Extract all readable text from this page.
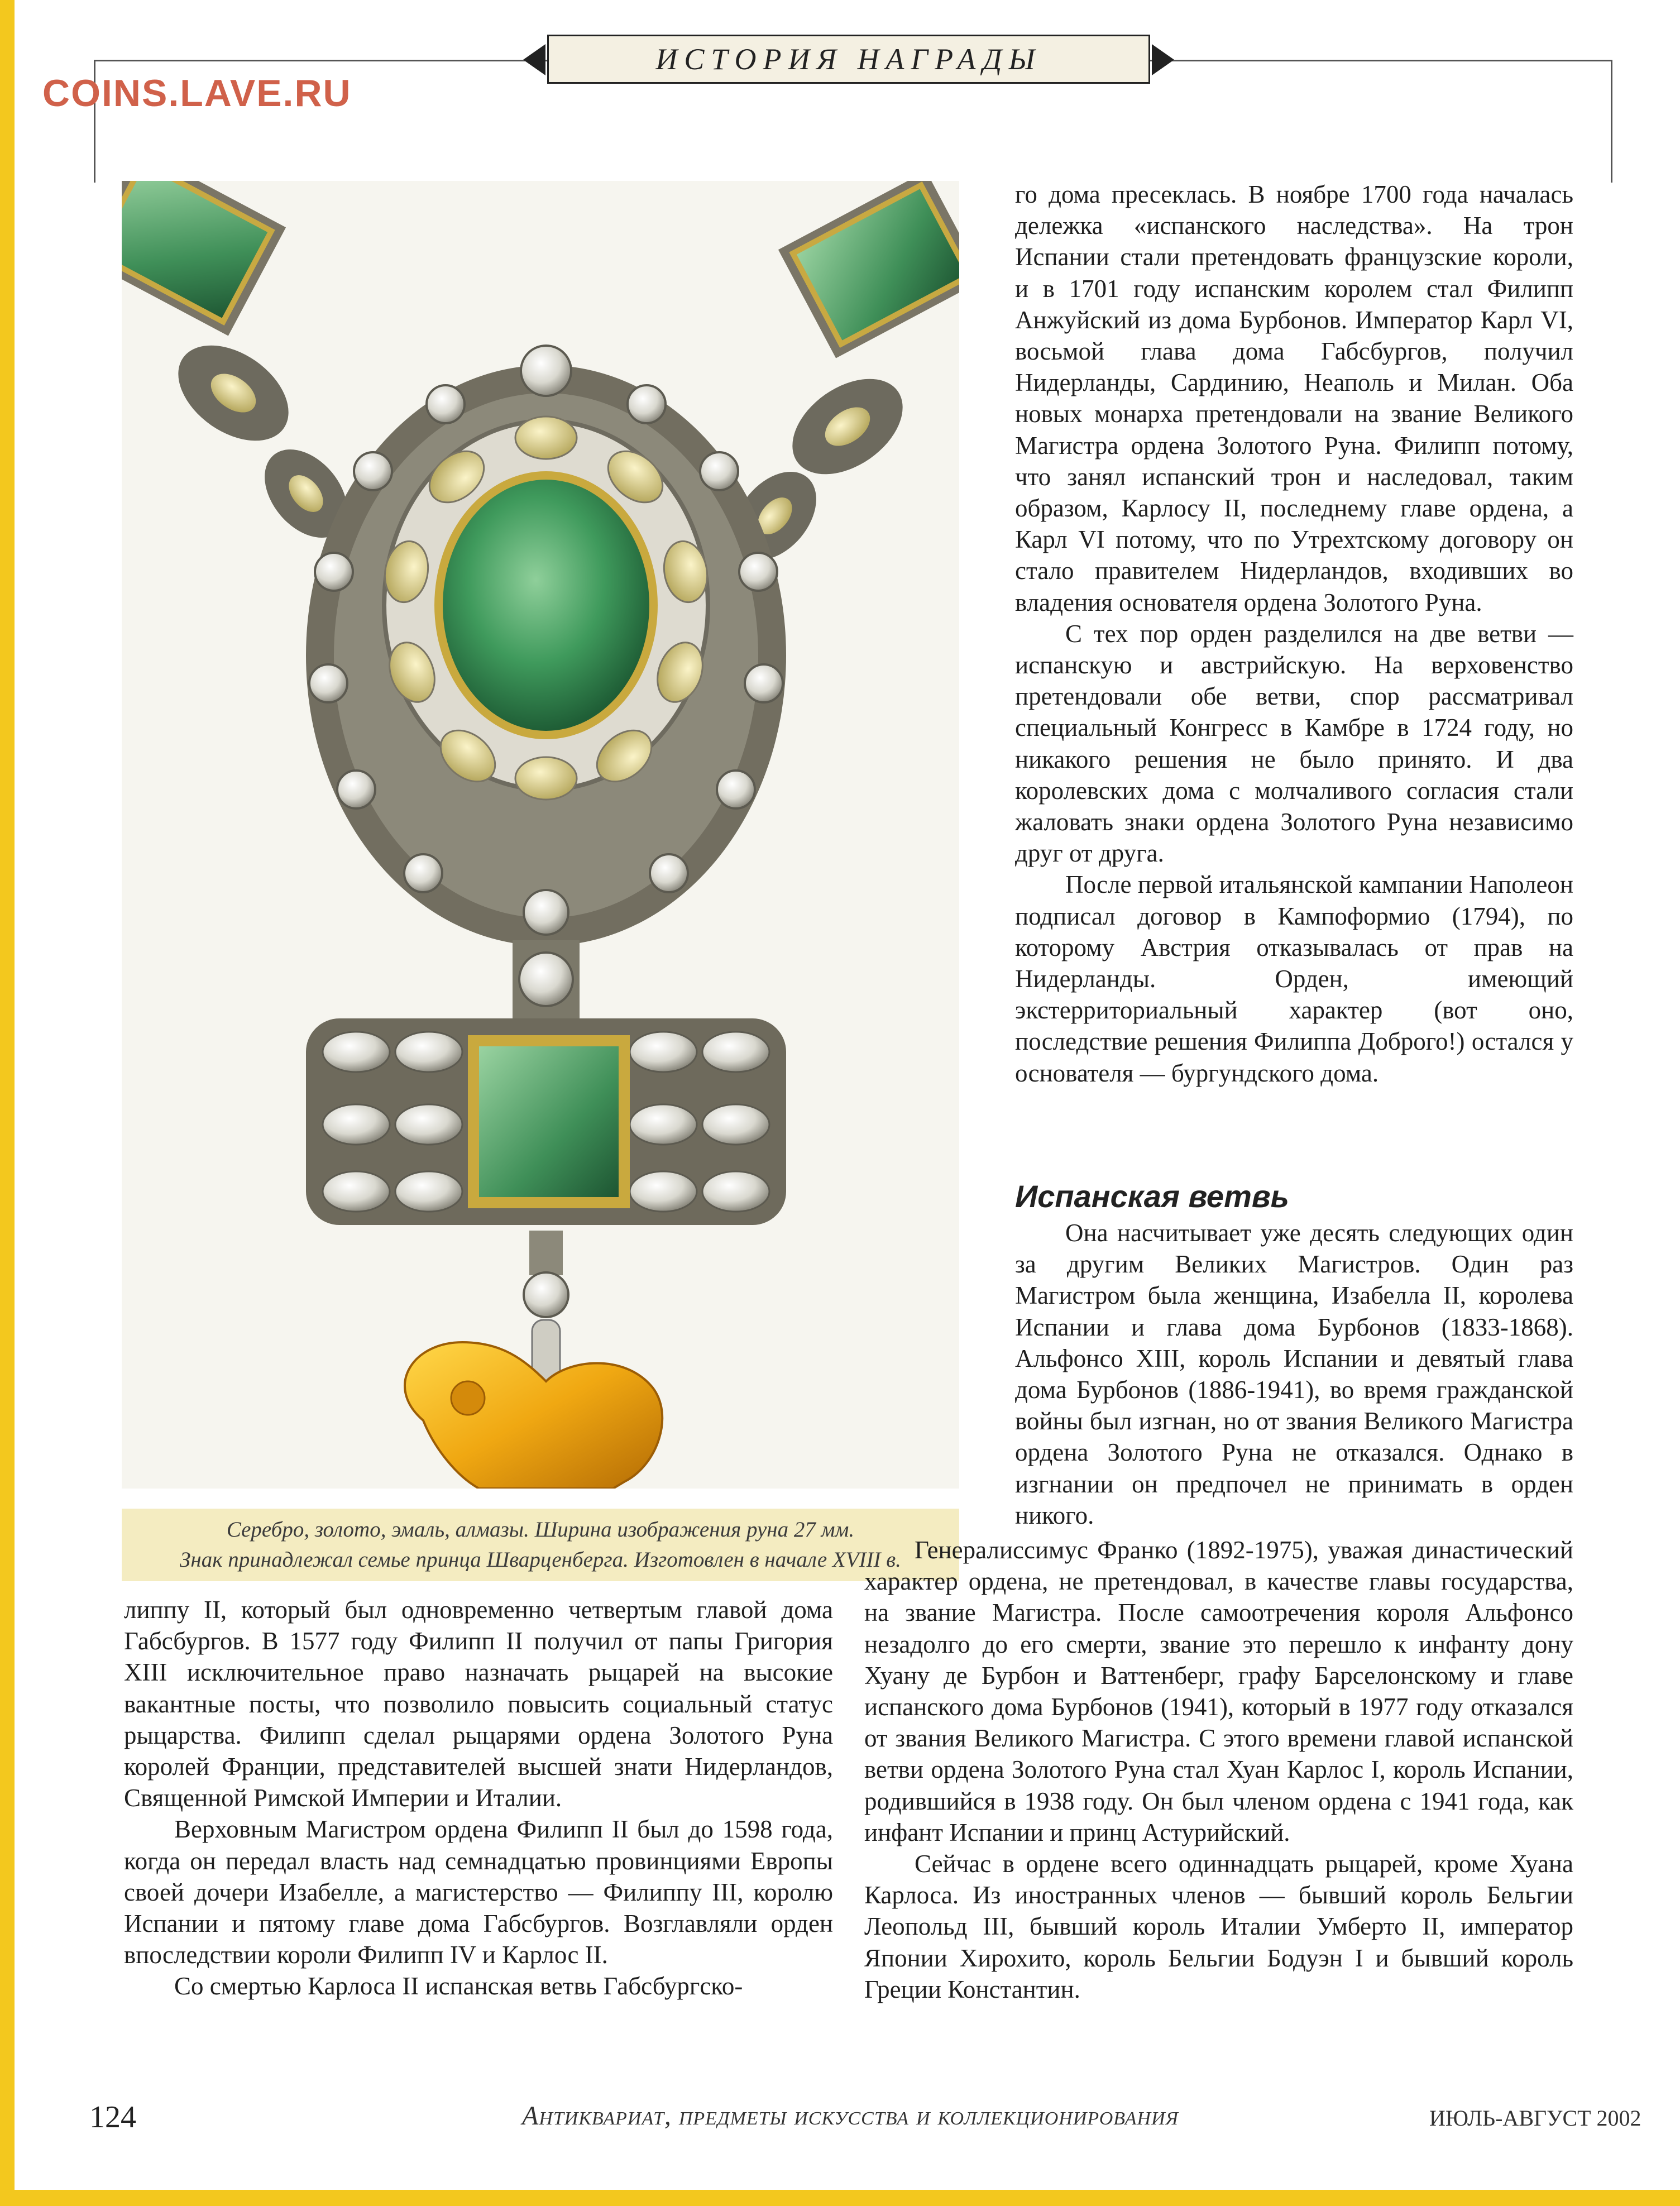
ИСТОРИЯ НАГРАДЫ
COINS.LAVE.RU
Серебро, золото, эмаль, алмазы. Ширина изображения руна 27 мм.
Знак принадлежал семье принца Шварценберга. Изготовлен в начале XVIII в.

го дома пресеклась. В ноябре 1700 года началась дележка «испанского наследства». На трон Испании стали претендовать французские короли, и в 1701 году испанским королем стал Филипп Анжуйский из дома Бурбонов. Император Карл VI, восьмой глава дома Габсбургов, получил Нидерланды, Сардинию, Неаполь и Милан. Оба новых монарха претендовали на звание Великого Магистра ордена Золотого Руна. Филипп потому, что занял испанский трон и наследовал, таким образом, Карлосу II, последнему главе ордена, а Карл VI потому, что по Утрехтскому договору он стало правителем Нидерландов, входивших во владения основателя ордена Золотого Руна.

С тех пор орден разделился на две ветви — испанскую и австрийскую. На верховенство претендовали обе ветви, спор рассматривал специальный Конгресс в Камбре в 1724 году, но никакого решения не было принято. И два королевских дома с молчаливого согласия стали жаловать знаки ордена Золотого Руна независимо друг от друга.

После первой итальянской кампании Наполеон подписал договор в Кампоформио (1794), по которому Австрия отказывалась от прав на Нидерланды. Орден, имеющий экстерриториальный характер (вот оно, последствие решения Филиппа Доброго!) остался у основателя — бургундского дома.

Испанская ветвь

Она насчитывает уже десять следующих один за другим Великих Магистров. Один раз Магистром была женщина, Изабелла II, королева Испании и глава дома Бурбонов (1833-1868). Альфонсо XIII, король Испании и девятый глава дома Бурбонов (1886-1941), во время гражданской войны был изгнан, но от звания Великого Магистра ордена Золотого Руна не отказался. Однако в изгнании он предпочел не принимать в орден никого.

липпу II, который был одновременно четвертым главой дома Габсбургов. В 1577 году Филипп II получил от папы Григория XIII исключительное право назначать рыцарей на высокие вакантные посты, что позволило повысить социальный статус рыцарства. Филипп сделал рыцарями ордена Золотого Руна королей Франции, представителей высшей знати Нидерландов, Священной Римской Империи и Италии.

Верховным Магистром ордена Филипп II был до 1598 года, когда он передал власть над семнадцатью провинциями Европы своей дочери Изабелле, а магистерство — Филиппу III, королю Испании и пятому главе дома Габсбургов. Возглавляли орден впоследствии короли Филипп IV и Карлос II.

Со смертью Карлоса II испанская ветвь Габсбургско-

Генералиссимус Франко (1892-1975), уважая династический характер ордена, не претендовал, в качестве главы государства, на звание Магистра. После самоотречения короля Альфонсо незадолго до его смерти, звание это перешло к инфанту дону Хуану де Бурбон и Ваттенберг, графу Барселонскому и главе испанского дома Бурбонов (1941), который в 1977 году отказался от звания Великого Магистра. С этого времени главой испанской ветви ордена Золотого Руна стал Хуан Карлос I, король Испании, родившийся в 1938 году. Он был членом ордена с 1941 года, как инфант Испании и принц Астурийский.

Сейчас в ордене всего одиннадцать рыцарей, кроме Хуана Карлоса. Из иностранных членов — бывший король Бельгии Леопольд III, бывший король Италии Умберто II, император Японии Хирохито, король Бельгии Бодуэн I и бывший король Греции Константин.

124	Антиквариат, предметы искусства и коллекционирования	ИЮЛЬ-АВГУСТ 2002
